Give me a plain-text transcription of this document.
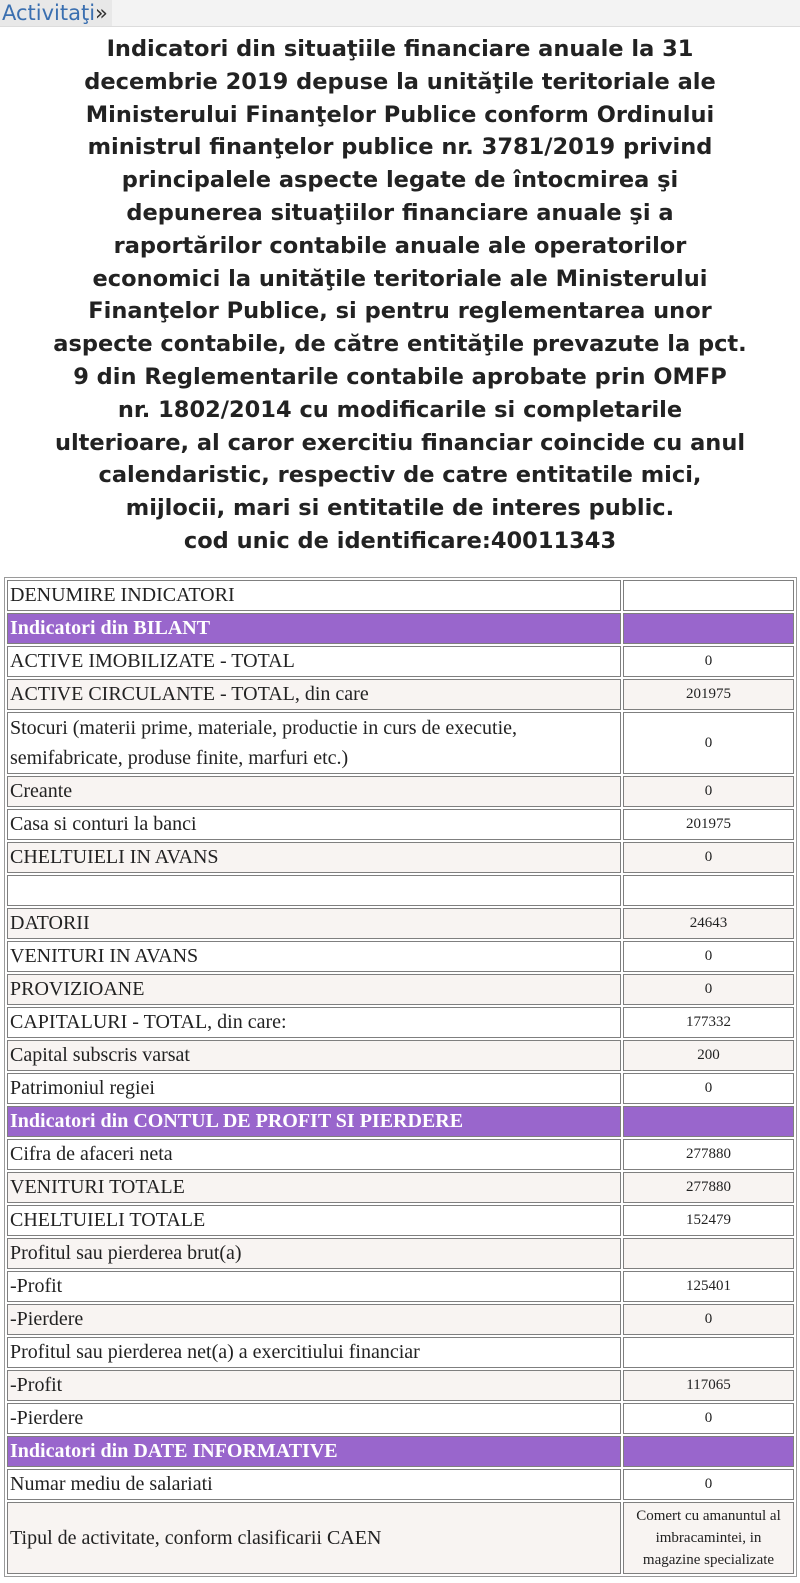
Activitaţi»
Indicatori din situaţiile financiare anuale la 31
decembrie 2019 depuse la unităţile teritoriale ale
Ministerului Finanţelor Publice conform Ordinului
ministrul finanţelor publice nr. 3781/2019 privind
principalele aspecte legate de întocmirea şi
depunerea situaţiilor financiare anuale şi a
raportărilor contabile anuale ale operatorilor
economici la unităţile teritoriale ale Ministerului
Finanţelor Publice, si pentru reglementarea unor
aspecte contabile, de către entităţile prevazute la pct.
9 din Reglementarile contabile aprobate prin OMFP
nr. 1802/2014 cu modificarile si completarile
ulterioare, al caror exercitiu financiar coincide cu anul
calendaristic, respectiv de catre entitatile mici,
mijlocii, mari si entitatile de interes public.
cod unic de identificare:40011343
DENUMIRE INDICATORI	
Indicatori din BILANT	
ACTIVE IMOBILIZATE - TOTAL	0
ACTIVE CIRCULANTE - TOTAL, din care	201975
Stocuri (materii prime, materiale, productie in curs de executie, semifabricate, produse finite, marfuri etc.)	0
Creante	0
Casa si conturi la banci	201975
CHELTUIELI IN AVANS	0

DATORII	24643
VENITURI IN AVANS	0
PROVIZIOANE	0
CAPITALURI - TOTAL, din care:	177332
Capital subscris varsat	200
Patrimoniul regiei	0
Indicatori din CONTUL DE PROFIT SI PIERDERE	
Cifra de afaceri neta	277880
VENITURI TOTALE	277880
CHELTUIELI TOTALE	152479
Profitul sau pierderea brut(a)	
-Profit	125401
-Pierdere	0
Profitul sau pierderea net(a) a exercitiului financiar	
-Profit	117065
-Pierdere	0
Indicatori din DATE INFORMATIVE	
Numar mediu de salariati	0
Tipul de activitate, conform clasificarii CAEN	Comert cu amanuntul al imbracamintei, in magazine specializate
